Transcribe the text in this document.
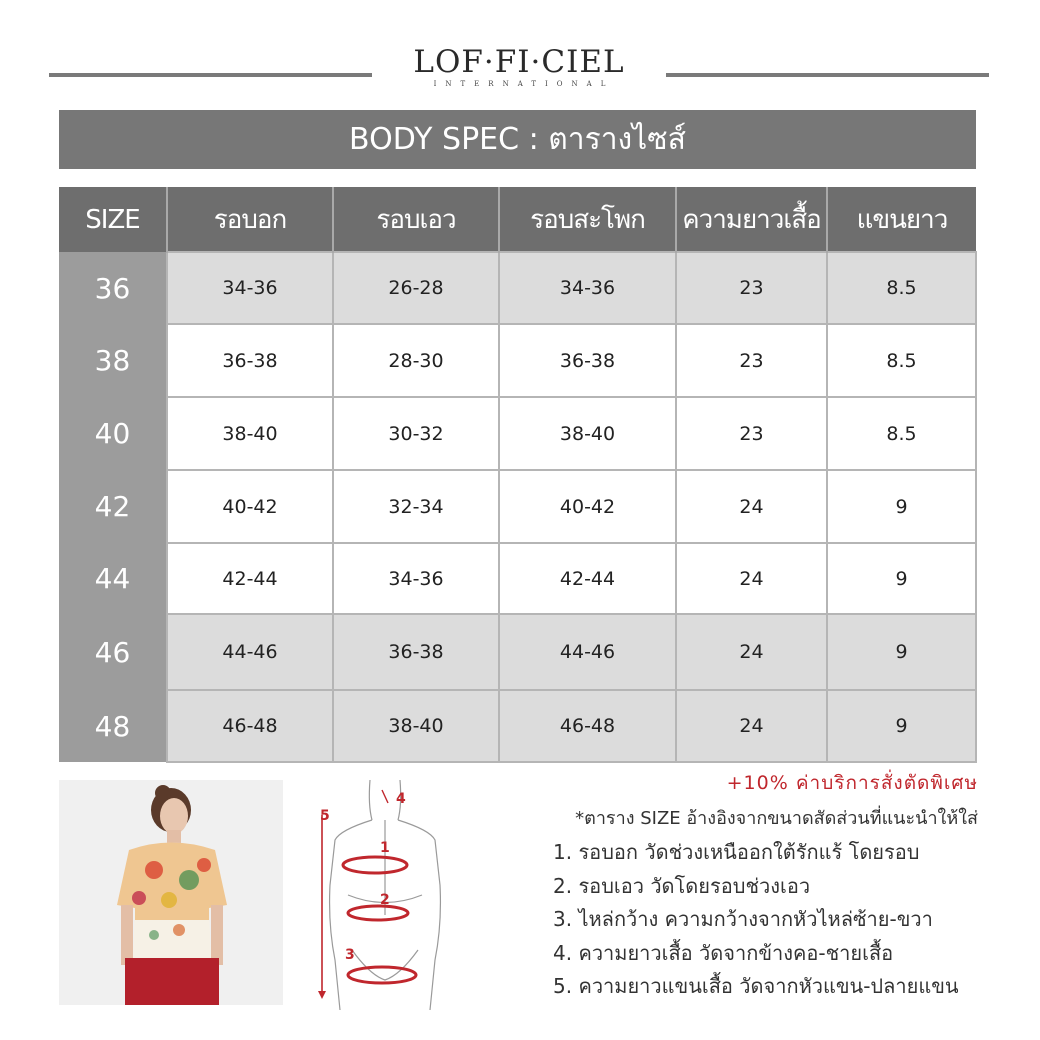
LOF·FI·CIEL
INTERNATIONAL
BODY SPEC : ตารางไซส์
SIZE	รอบอก	รอบเอว	รอบสะโพก	ความยาวเสื้อ	แขนยาว
36	34-36	26-28	34-36	23	8.5
38	36-38	28-30	36-38	23	8.5
40	38-40	30-32	38-40	23	8.5
42	40-42	32-34	40-42	24	9
44	42-44	34-36	42-44	24	9
46	44-46	36-38	44-46	24	9
48	46-48	38-40	46-48	24	9
1
2
3
4
5
+10% ค่าบริการสั่งตัดพิเศษ
*ตาราง SIZE อ้างอิงจากขนาดสัดส่วนที่แนะนำให้ใส่
1. รอบอก วัดช่วงเหนืออกใต้รักแร้ โดยรอบ
2. รอบเอว วัดโดยรอบช่วงเอว
3. ไหล่กว้าง ความกว้างจากหัวไหล่ซ้าย-ขวา
4. ความยาวเสื้อ วัดจากข้างคอ-ชายเสื้อ
5. ความยาวแขนเสื้อ วัดจากหัวแขน-ปลายแขน
